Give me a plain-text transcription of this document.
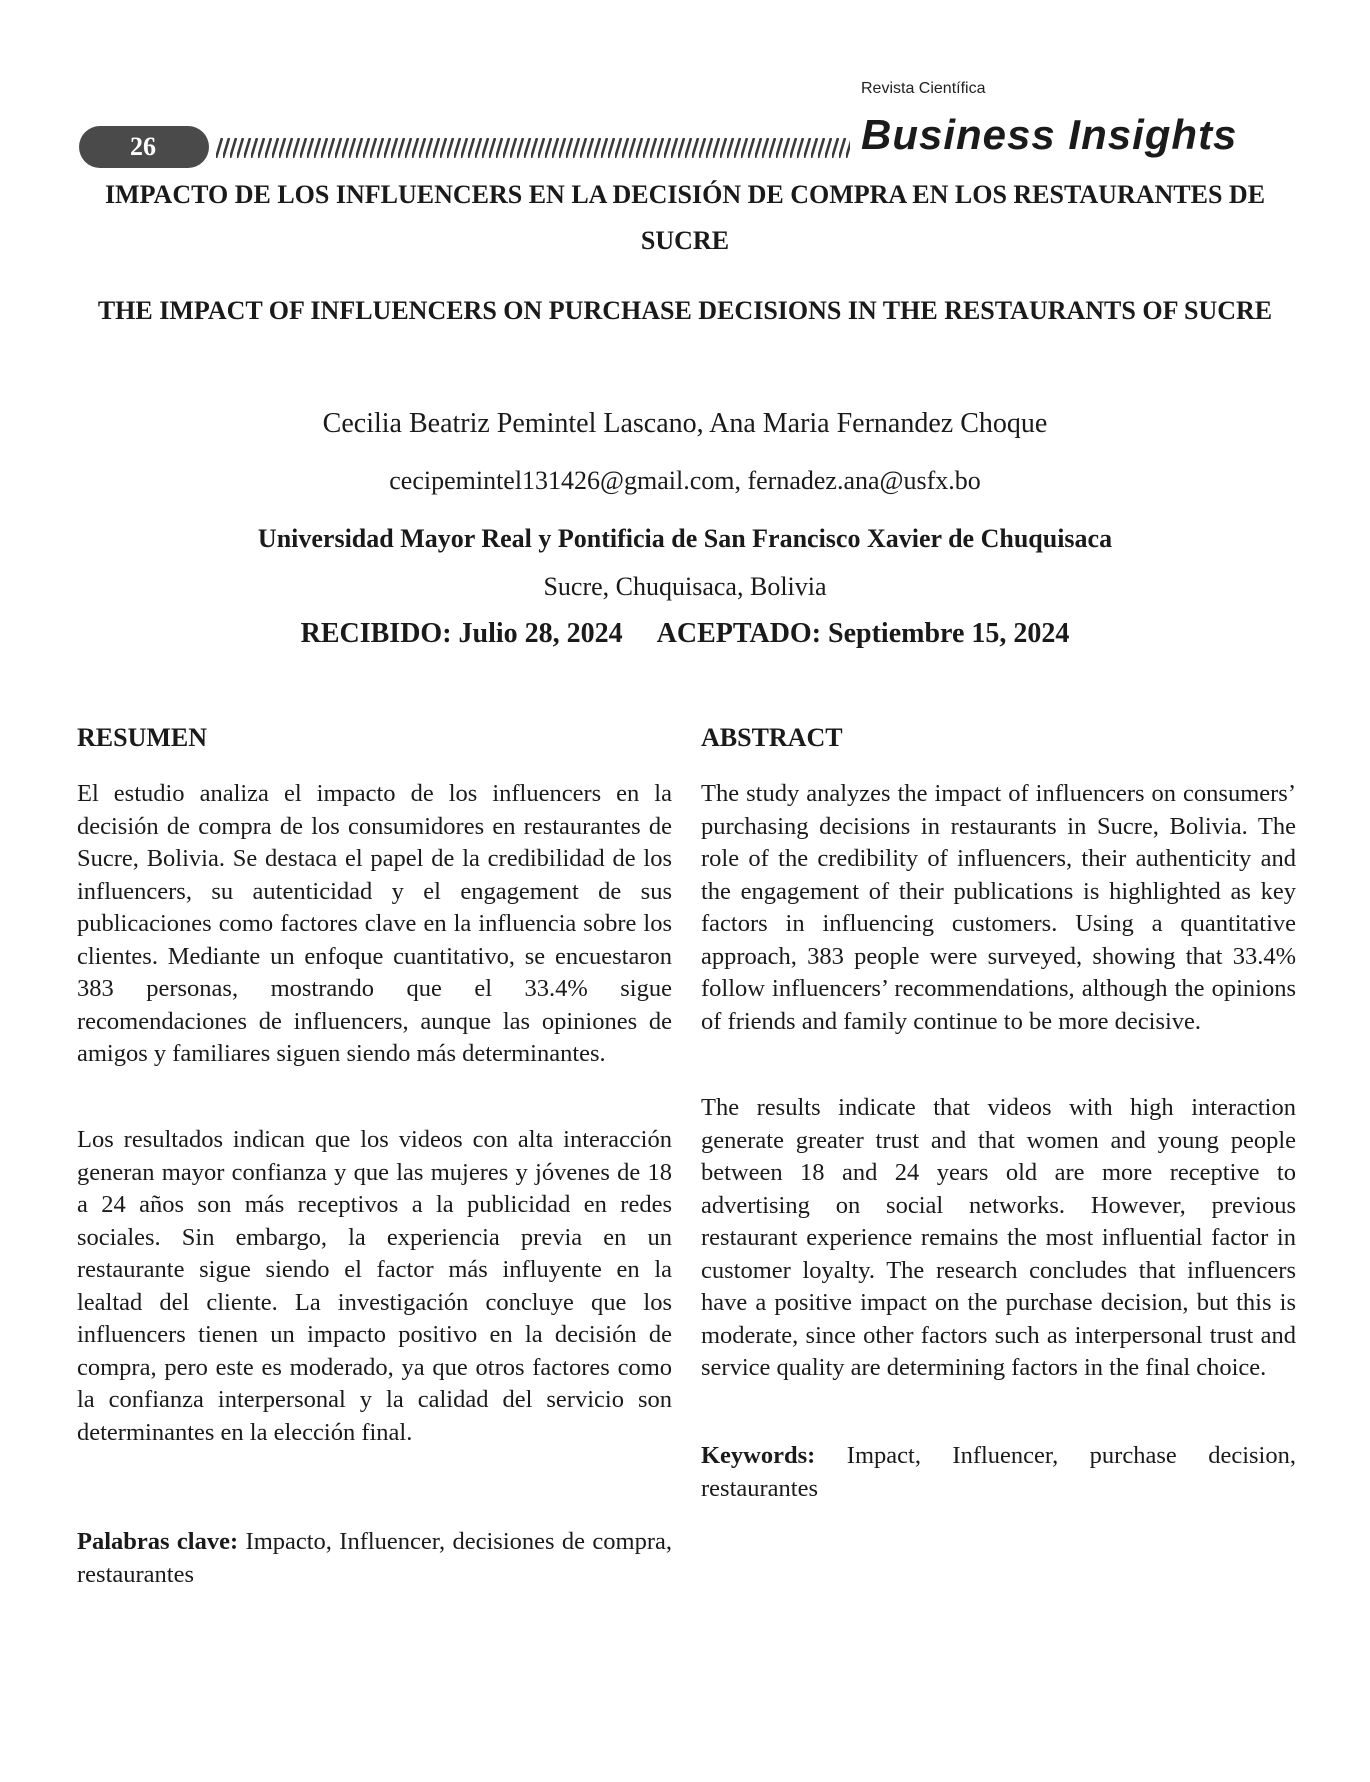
Revista Científica
Business Insights
26
IMPACTO DE LOS INFLUENCERS EN LA DECISIÓN DE COMPRA EN LOS RESTAURANTES DE SUCRE
THE IMPACT OF INFLUENCERS ON PURCHASE DECISIONS IN THE RESTAURANTS OF SUCRE
Cecilia Beatriz Pemintel Lascano, Ana Maria Fernandez Choque
cecipemintel131426@gmail.com, fernadez.ana@usfx.bo
Universidad Mayor Real y Pontificia de San Francisco Xavier de Chuquisaca
Sucre, Chuquisaca, Bolivia
RECIBIDO: Julio 28, 2024 ACEPTADO: Septiembre 15, 2024
RESUMEN

El estudio analiza el impacto de los influencers en la decisión de compra de los consumidores en restaurantes de Sucre, Bolivia. Se destaca el papel de la credibilidad de los influencers, su autenticidad y el engagement de sus publicaciones como factores clave en la influencia sobre los clientes. Mediante un enfoque cuantitativo, se encuestaron 383 personas, mostrando que el 33.4% sigue recomendaciones de influencers, aunque las opiniones de amigos y familiares siguen siendo más determinantes.

Los resultados indican que los videos con alta interacción generan mayor confianza y que las mujeres y jóvenes de 18 a 24 años son más receptivos a la publicidad en redes sociales. Sin embargo, la experiencia previa en un restaurante sigue siendo el factor más influyente en la lealtad del cliente. La investigación concluye que los influencers tienen un impacto positivo en la decisión de compra, pero este es moderado, ya que otros factores como la confianza interpersonal y la calidad del servicio son determinantes en la elección final.

Palabras clave: Impacto, Influencer, decisiones de compra, restaurantes

ABSTRACT

The study analyzes the impact of influencers on consumers’ purchasing decisions in restaurants in Sucre, Bolivia. The role of the credibility of influencers, their authenticity and the engagement of their publications is highlighted as key factors in influencing customers. Using a quantitative approach, 383 people were surveyed, showing that 33.4% follow influencers’ recommendations, although the opinions of friends and family continue to be more decisive.

The results indicate that videos with high interaction generate greater trust and that women and young people between 18 and 24 years old are more receptive to advertising on social networks. However, previous restaurant experience remains the most influential factor in customer loyalty. The research concludes that influencers have a positive impact on the purchase decision, but this is moderate, since other factors such as interpersonal trust and service quality are determining factors in the final choice.

Keywords: Impact, Influencer, purchase decision, restaurantes
